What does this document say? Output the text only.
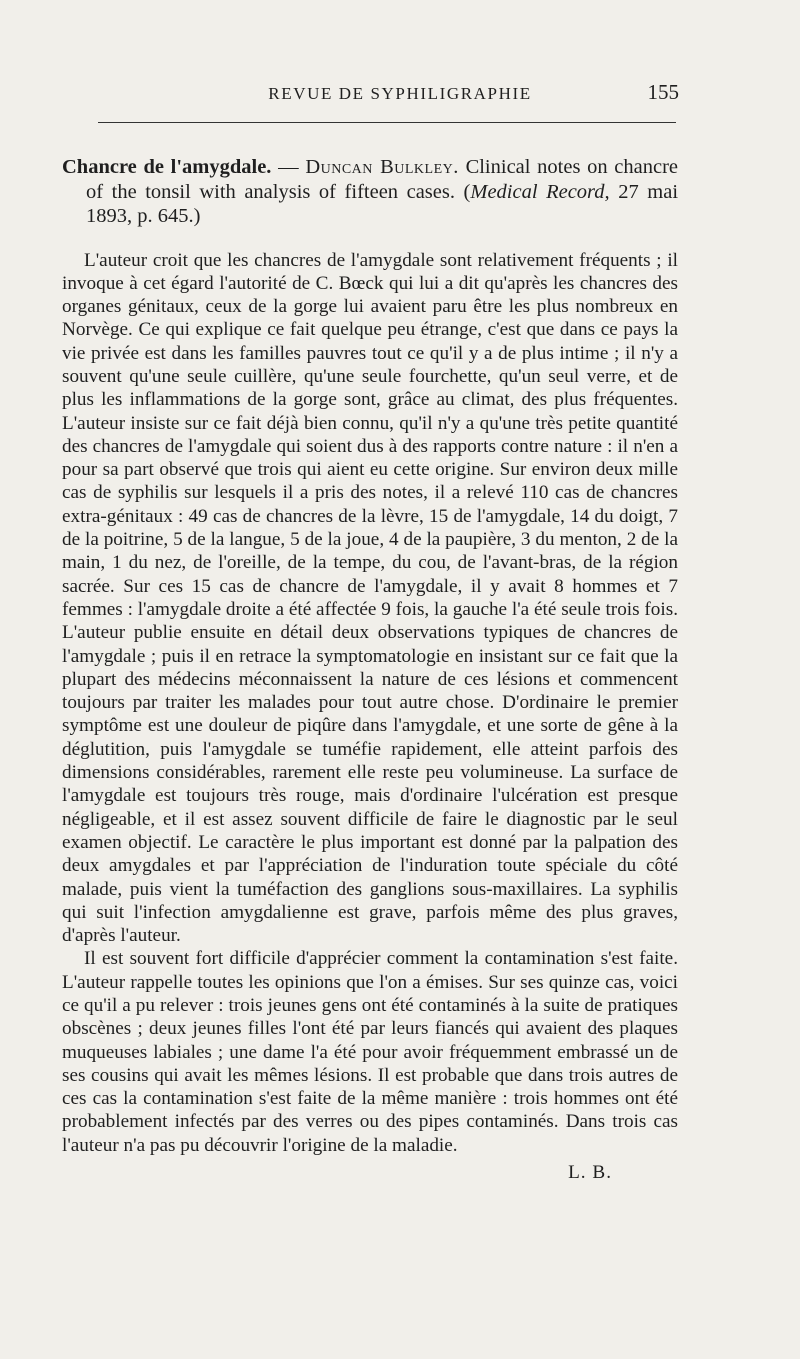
REVUE DE SYPHILIGRAPHIE	155

Chancre de l'amygdale. — Duncan Bulkley. Clinical notes on chancre of the tonsil with analysis of fifteen cases. (Medical Record, 27 mai 1893, p. 645.)

L'auteur croit que les chancres de l'amygdale sont relativement fréquents ; il invoque à cet égard l'autorité de C. Bœck qui lui a dit qu'après les chancres des organes génitaux, ceux de la gorge lui avaient paru être les plus nombreux en Norvège. Ce qui explique ce fait quelque peu étrange, c'est que dans ce pays la vie privée est dans les familles pauvres tout ce qu'il y a de plus intime ; il n'y a souvent qu'une seule cuillère, qu'une seule fourchette, qu'un seul verre, et de plus les inflammations de la gorge sont, grâce au climat, des plus fréquentes. L'auteur insiste sur ce fait déjà bien connu, qu'il n'y a qu'une très petite quantité des chancres de l'amygdale qui soient dus à des rapports contre nature : il n'en a pour sa part observé que trois qui aient eu cette origine. Sur environ deux mille cas de syphilis sur lesquels il a pris des notes, il a relevé 110 cas de chancres extra-génitaux : 49 cas de chancres de la lèvre, 15 de l'amygdale, 14 du doigt, 7 de la poitrine, 5 de la langue, 5 de la joue, 4 de la paupière, 3 du menton, 2 de la main, 1 du nez, de l'oreille, de la tempe, du cou, de l'avant-bras, de la région sacrée. Sur ces 15 cas de chancre de l'amygdale, il y avait 8 hommes et 7 femmes : l'amygdale droite a été affectée 9 fois, la gauche l'a été seule trois fois. L'auteur publie ensuite en détail deux observations typiques de chancres de l'amygdale ; puis il en retrace la symptomatologie en insistant sur ce fait que la plupart des médecins méconnaissent la nature de ces lésions et commencent toujours par traiter les malades pour tout autre chose. D'ordinaire le premier symptôme est une douleur de piqûre dans l'amygdale, et une sorte de gêne à la déglutition, puis l'amygdale se tuméfie rapidement, elle atteint parfois des dimensions considérables, rarement elle reste peu volumineuse. La surface de l'amygdale est toujours très rouge, mais d'ordinaire l'ulcération est presque négligeable, et il est assez souvent difficile de faire le diagnostic par le seul examen objectif. Le caractère le plus important est donné par la palpation des deux amygdales et par l'appréciation de l'induration toute spéciale du côté malade, puis vient la tuméfaction des ganglions sous-maxillaires. La syphilis qui suit l'infection amygdalienne est grave, parfois même des plus graves, d'après l'auteur.

Il est souvent fort difficile d'apprécier comment la contamination s'est faite. L'auteur rappelle toutes les opinions que l'on a émises. Sur ses quinze cas, voici ce qu'il a pu relever : trois jeunes gens ont été contaminés à la suite de pratiques obscènes ; deux jeunes filles l'ont été par leurs fiancés qui avaient des plaques muqueuses labiales ; une dame l'a été pour avoir fréquemment embrassé un de ses cousins qui avait les mêmes lésions. Il est probable que dans trois autres de ces cas la contamination s'est faite de la même manière : trois hommes ont été probablement infectés par des verres ou des pipes contaminés. Dans trois cas l'auteur n'a pas pu découvrir l'origine de la maladie.

L. B.
